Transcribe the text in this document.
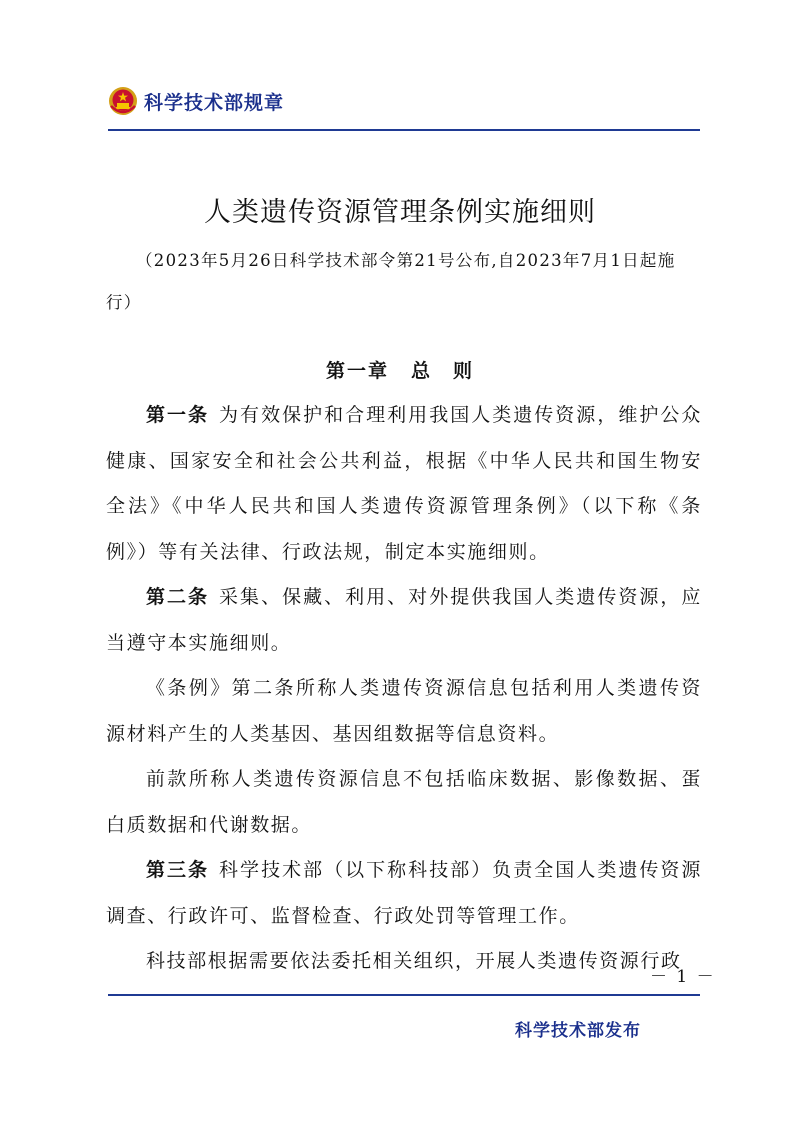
科学技术部规章
人类遗传资源管理条例实施细则
（2023年5月26日科学技术部令第21号公布,自2023年7月1日起施行）
第一章 总　则

第一条 为有效保护和合理利用我国人类遗传资源，维护公众健康、国家安全和社会公共利益，根据《中华人民共和国生物安全法》《中华人民共和国人类遗传资源管理条例》（以下称《条例》）等有关法律、行政法规，制定本实施细则。

第二条 采集、保藏、利用、对外提供我国人类遗传资源，应当遵守本实施细则。

《条例》第二条所称人类遗传资源信息包括利用人类遗传资源材料产生的人类基因、基因组数据等信息资料。

前款所称人类遗传资源信息不包括临床数据、影像数据、蛋白质数据和代谢数据。

第三条 科学技术部（以下称科技部）负责全国人类遗传资源调查、行政许可、监督检查、行政处罚等管理工作。

科技部根据需要依法委托相关组织，开展人类遗传资源行政

－ 1 －
科学技术部发布
